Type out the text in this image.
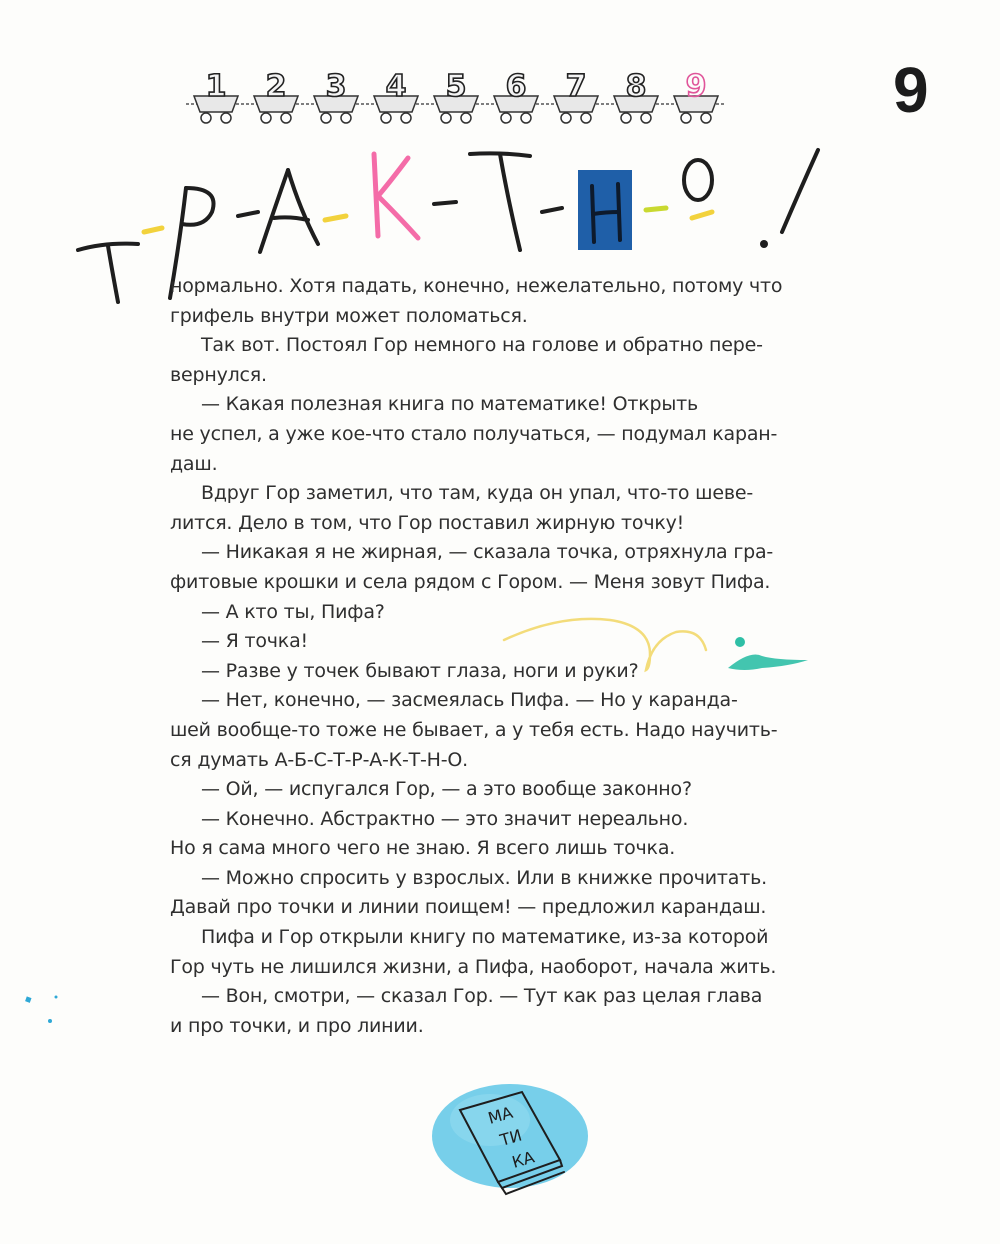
9
1 2 3 4 5 6 7 8 9

нормально. Хотя падать, конечно, нежелательно, потому что

грифель внутри может поломаться.

Так вот. Постоял Гор немного на голове и обратно пере-

вернулся.

— Какая полезная книга по математике! Открыть

не успел, а уже кое-что стало получаться, — подумал каран-

даш.

Вдруг Гор заметил, что там, куда он упал, что-то шеве-

лится. Дело в том, что Гор поставил жирную точку!

— Никакая я не жирная, — сказала точка, отряхнула гра-

фитовые крошки и села рядом с Гором. — Меня зовут Пифа.

— А кто ты, Пифа?

— Я точка!

— Разве у точек бывают глаза, ноги и руки?

— Нет, конечно, — засмеялась Пифа. — Но у каранда-

шей вообще-то тоже не бывает, а у тебя есть. Надо научить-

ся думать А-Б-С-Т-Р-А-К-Т-Н-О.

— Ой, — испугался Гор, — а это вообще законно?

— Конечно. Абстрактно — это значит нереально.

Но я сама много чего не знаю. Я всего лишь точка.

— Можно спросить у взрослых. Или в книжке прочитать.

Давай про точки и линии поищем! — предложил карандаш.

Пифа и Гор открыли книгу по математике, из-за которой

Гор чуть не лишился жизни, а Пифа, наоборот, начала жить.

— Вон, смотри, — сказал Гор. — Тут как раз целая глава

и про точки, и про линии.

МА
ТИ
КА
